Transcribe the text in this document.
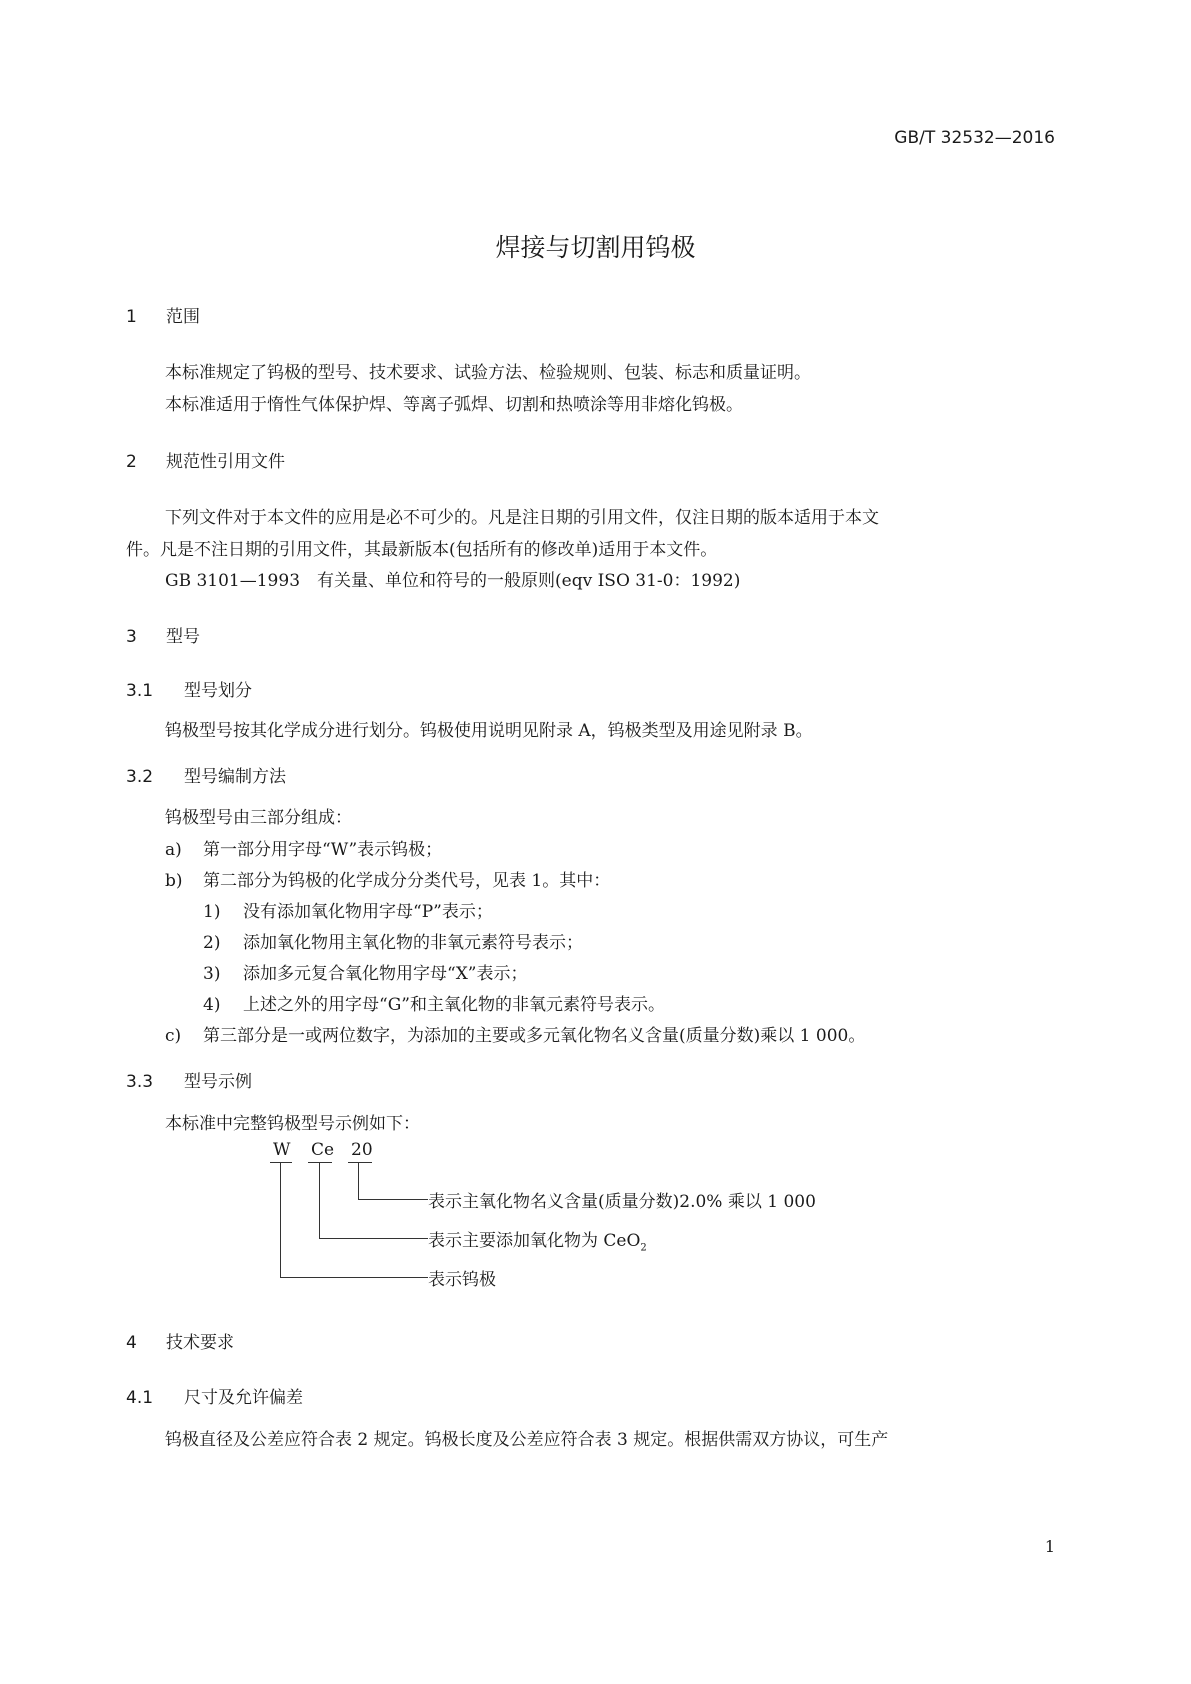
GB/T 32532—2016
焊接与切割用钨极
1 范围
本标准规定了钨极的型号、技术要求、试验方法、检验规则、包装、标志和质量证明。
本标准适用于惰性气体保护焊、等离子弧焊、切割和热喷涂等用非熔化钨极。
2 规范性引用文件
下列文件对于本文件的应用是必不可少的。凡是注日期的引用文件，仅注日期的版本适用于本文
件。凡是不注日期的引用文件，其最新版本(包括所有的修改单)适用于本文件。
GB 3101—1993　有关量、单位和符号的一般原则(eqv ISO 31-0：1992)
3 型号
3.1 型号划分
钨极型号按其化学成分进行划分。钨极使用说明见附录 A，钨极类型及用途见附录 B。
3.2 型号编制方法
钨极型号由三部分组成：
a) 第一部分用字母“W”表示钨极；
b) 第二部分为钨极的化学成分分类代号，见表 1。其中：
1) 没有添加氧化物用字母“P”表示；
2) 添加氧化物用主氧化物的非氧元素符号表示；
3) 添加多元复合氧化物用字母“X”表示；
4) 上述之外的用字母“G”和主氧化物的非氧元素符号表示。
c) 第三部分是一或两位数字，为添加的主要或多元氧化物名义含量(质量分数)乘以 1 000。
3.3 型号示例
本标准中完整钨极型号示例如下：
W Ce 20
表示主氧化物名义含量(质量分数)2.0% 乘以 1 000
表示主要添加氧化物为 CeO$_2$
表示钨极
4 技术要求
4.1 尺寸及允许偏差
钨极直径及公差应符合表 2 规定。钨极长度及公差应符合表 3 规定。根据供需双方协议，可生产
1
